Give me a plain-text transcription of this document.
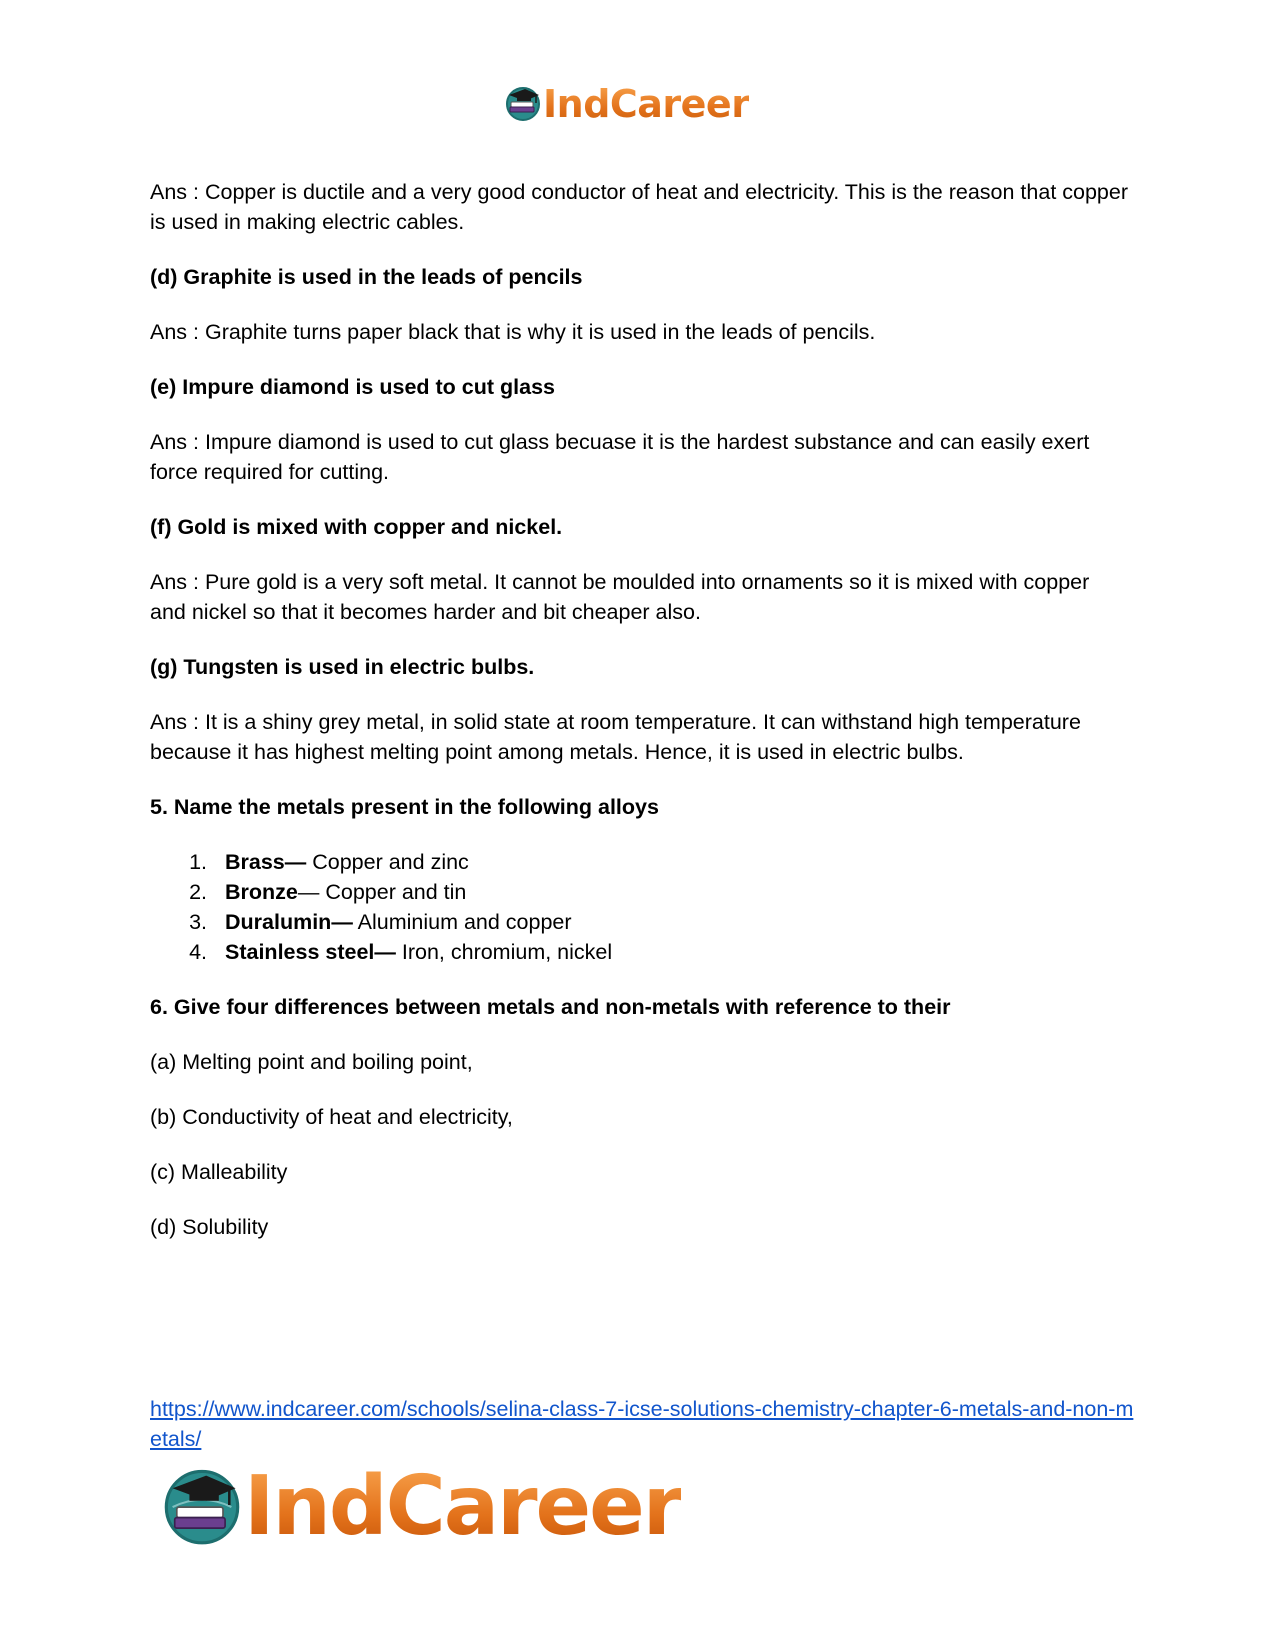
IndCareer

Ans : Copper is ductile and a very good conductor of heat and electricity. This is the reason that copper is used in making electric cables.

(d) Graphite is used in the leads of pencils

Ans : Graphite turns paper black that is why it is used in the leads of pencils.

(e) Impure diamond is used to cut glass

Ans : Impure diamond is used to cut glass becuase it is the hardest substance and can easily exert force required for cutting.

(f) Gold is mixed with copper and nickel.

Ans : Pure gold is a very soft metal. It cannot be moulded into ornaments so it is mixed with copper and nickel so that it becomes harder and bit cheaper also.

(g) Tungsten is used in electric bulbs.

Ans : It is a shiny grey metal, in solid state at room temperature. It can withstand high temperature because it has highest melting point among metals. Hence, it is used in electric bulbs.

5. Name the metals present in the following alloys

1. Brass— Copper and zinc
2. Bronze— Copper and tin
3. Duralumin— Aluminium and copper
4. Stainless steel— Iron, chromium, nickel

6. Give four differences between metals and non-metals with reference to their

(a) Melting point and boiling point,

(b) Conductivity of heat and electricity,

(c) Malleability

(d) Solubility

https://www.indcareer.com/schools/selina-class-7-icse-solutions-chemistry-chapter-6-metals-and-non-metals/
IndCareer
